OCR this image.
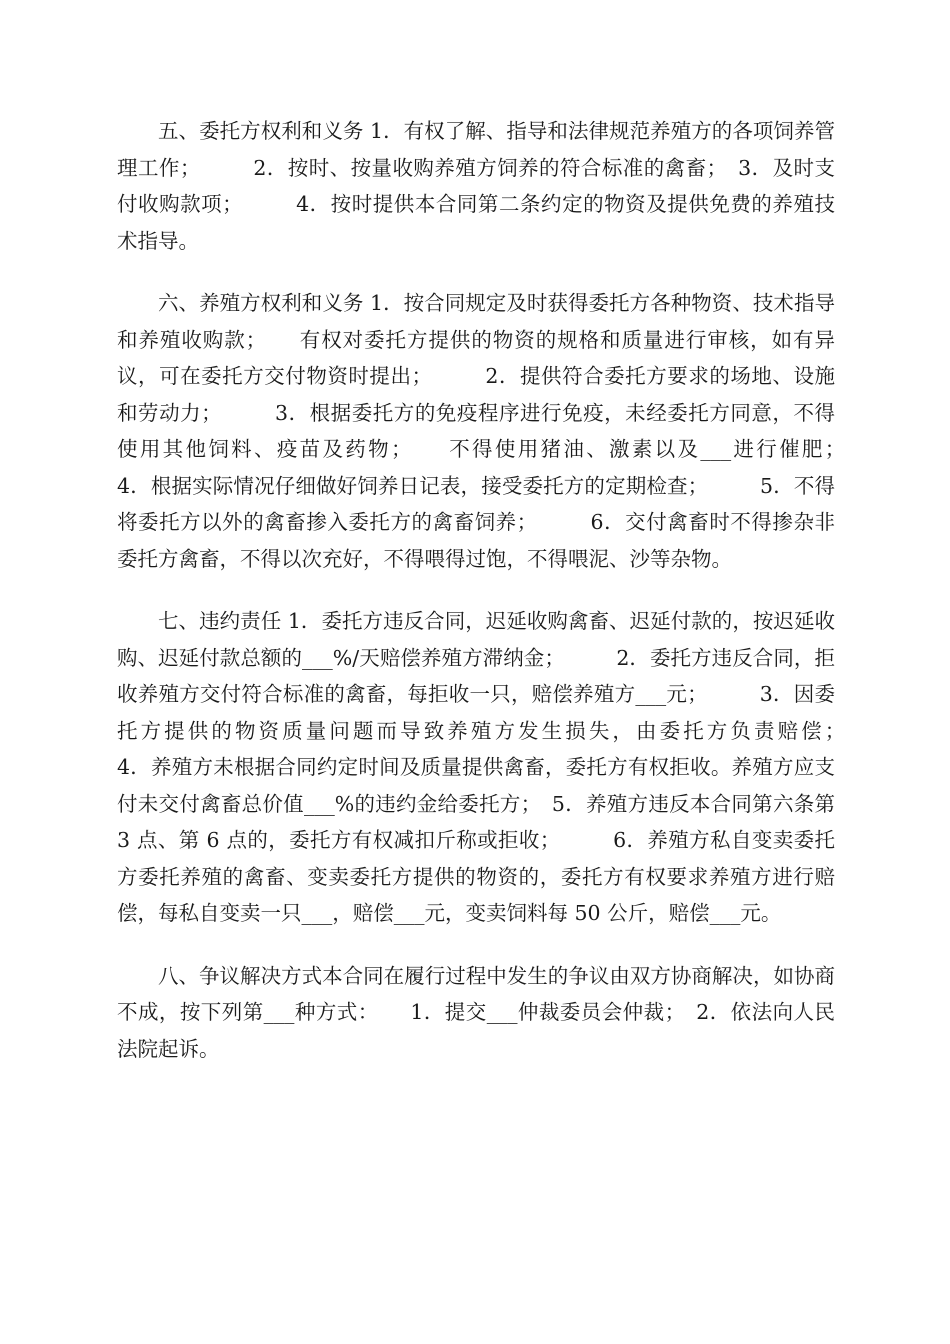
五、委托方权利和义务 1．有权了解、指导和法律规范养殖方的各项饲养管理工作；　　　2．按时、按量收购养殖方饲养的符合标准的禽畜；　3．及时支付收购款项；　　　4．按时提供本合同第二条约定的物资及提供免费的养殖技术指导。

六、养殖方权利和义务 1．按合同规定及时获得委托方各种物资、技术指导和养殖收购款；　　有权对委托方提供的物资的规格和质量进行审核，如有异议，可在委托方交付物资时提出；　　　2．提供符合委托方要求的场地、设施和劳动力；　　　3．根据委托方的免疫程序进行免疫，未经委托方同意，不得使用其他饲料、疫苗及药物；　　不得使用猪油、激素以及___进行催肥；　　　4．根据实际情况仔细做好饲养日记表，接受委托方的定期检查；　　　5．不得将委托方以外的禽畜掺入委托方的禽畜饲养；　　　6．交付禽畜时不得掺杂非委托方禽畜，不得以次充好，不得喂得过饱，不得喂泥、沙等杂物。

七、违约责任 1．委托方违反合同，迟延收购禽畜、迟延付款的，按迟延收购、迟延付款总额的___%/天赔偿养殖方滞纳金；　　　2．委托方违反合同，拒收养殖方交付符合标准的禽畜，每拒收一只，赔偿养殖方___元；　　　3．因委托方提供的物资质量问题而导致养殖方发生损失，由委托方负责赔偿；　　　4．养殖方未根据合同约定时间及质量提供禽畜，委托方有权拒收。养殖方应支付未交付禽畜总价值___%的违约金给委托方；　5．养殖方违反本合同第六条第 3 点、第 6 点的，委托方有权减扣斤称或拒收；　　　6．养殖方私自变卖委托方委托养殖的禽畜、变卖委托方提供的物资的，委托方有权要求养殖方进行赔偿，每私自变卖一只___，赔偿___元，变卖饲料每 50 公斤，赔偿___元。

八、争议解决方式本合同在履行过程中发生的争议由双方协商解决，如协商不成，按下列第___种方式：　　1．提交___仲裁委员会仲裁；　2．依法向人民法院起诉。
